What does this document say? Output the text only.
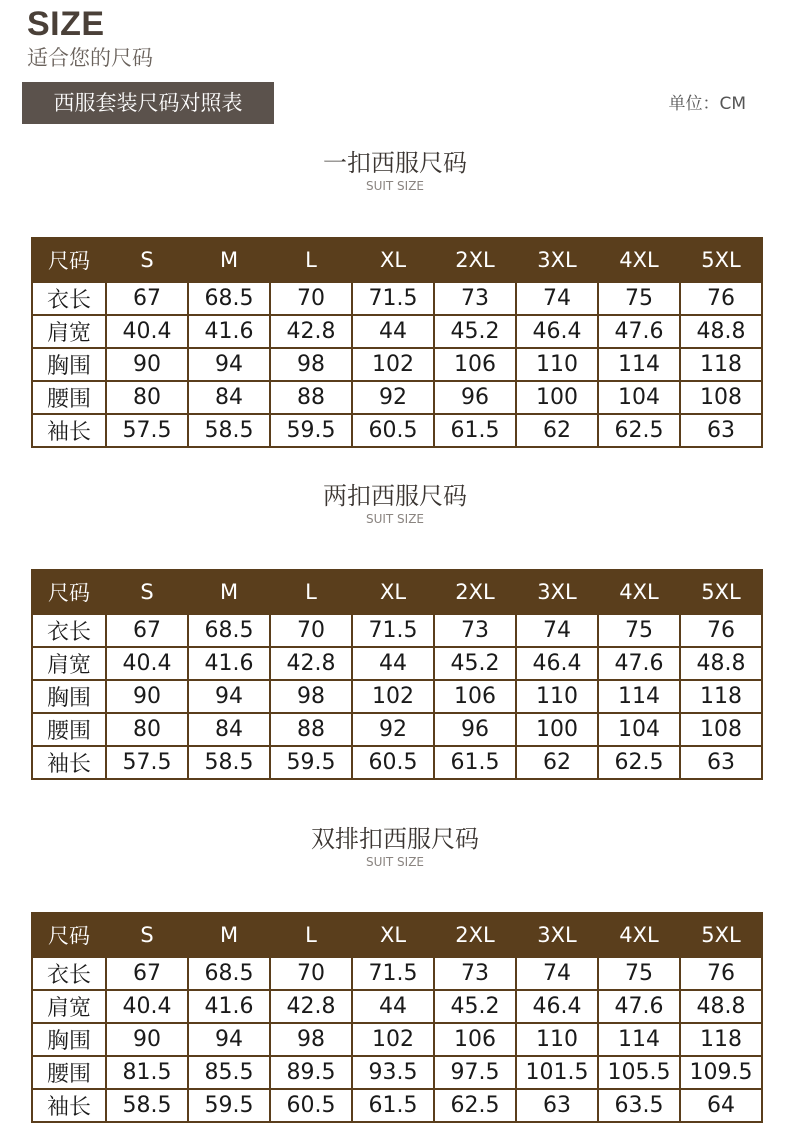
SIZE
适合您的尺码
西服套装尺码对照表	单位：CM
一扣西服尺码
SUIT SIZE
尺码	S	M	L	XL	2XL	3XL	4XL	5XL
衣长	67	68.5	70	71.5	73	74	75	76
肩宽	40.4	41.6	42.8	44	45.2	46.4	47.6	48.8
胸围	90	94	98	102	106	110	114	118
腰围	80	84	88	92	96	100	104	108
袖长	57.5	58.5	59.5	60.5	61.5	62	62.5	63
两扣西服尺码
SUIT SIZE
尺码	S	M	L	XL	2XL	3XL	4XL	5XL
衣长	67	68.5	70	71.5	73	74	75	76
肩宽	40.4	41.6	42.8	44	45.2	46.4	47.6	48.8
胸围	90	94	98	102	106	110	114	118
腰围	80	84	88	92	96	100	104	108
袖长	57.5	58.5	59.5	60.5	61.5	62	62.5	63
双排扣西服尺码
SUIT SIZE
尺码	S	M	L	XL	2XL	3XL	4XL	5XL
衣长	67	68.5	70	71.5	73	74	75	76
肩宽	40.4	41.6	42.8	44	45.2	46.4	47.6	48.8
胸围	90	94	98	102	106	110	114	118
腰围	81.5	85.5	89.5	93.5	97.5	101.5	105.5	109.5
袖长	58.5	59.5	60.5	61.5	62.5	63	63.5	64
